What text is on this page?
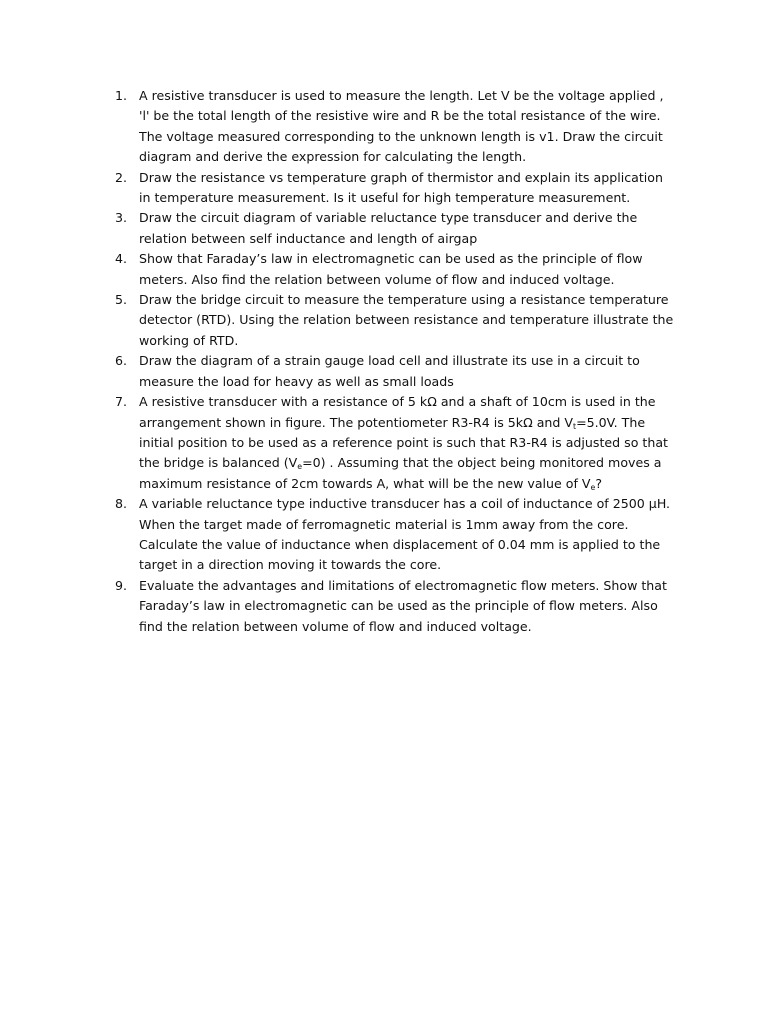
1. A resistive transducer is used to measure the length. Let V be the voltage applied , 'l' be the total length of the resistive wire and R be the total resistance of the wire. The voltage measured corresponding to the unknown length is v1. Draw the circuit diagram and derive the expression for calculating the length.
2. Draw the resistance vs temperature graph of thermistor and explain its application in temperature measurement. Is it useful for high temperature measurement.
3. Draw the circuit diagram of variable reluctance type transducer and derive the relation between self inductance and length of airgap
4. Show that Faraday’s law in electromagnetic can be used as the principle of flow meters. Also find the relation between volume of flow and induced voltage.
5. Draw the bridge circuit to measure the temperature using a resistance temperature detector (RTD). Using the relation between resistance and temperature illustrate the working of RTD.
6. Draw the diagram of a strain gauge load cell and illustrate its use in a circuit to measure the load for heavy as well as small loads
7. A resistive transducer with a resistance of 5 kΩ and a shaft of 10cm is used in the arrangement shown in figure. The potentiometer R3-R4 is 5kΩ and $V_t=5.0V$. The initial position to be used as a reference point is such that R3-R4 is adjusted so that the bridge is balanced $(V_e=0)$ . Assuming that the object being monitored moves a maximum resistance of 2cm towards A, what will be the new value of $V_e$?
8. A variable reluctance type inductive transducer has a coil of inductance of 2500 µH. When the target made of ferromagnetic material is 1mm away from the core. Calculate the value of inductance when displacement of 0.04 mm is applied to the target in a direction moving it towards the core.
9. Evaluate the advantages and limitations of electromagnetic flow meters. Show that Faraday’s law in electromagnetic can be used as the principle of flow meters. Also find the relation between volume of flow and induced voltage.
